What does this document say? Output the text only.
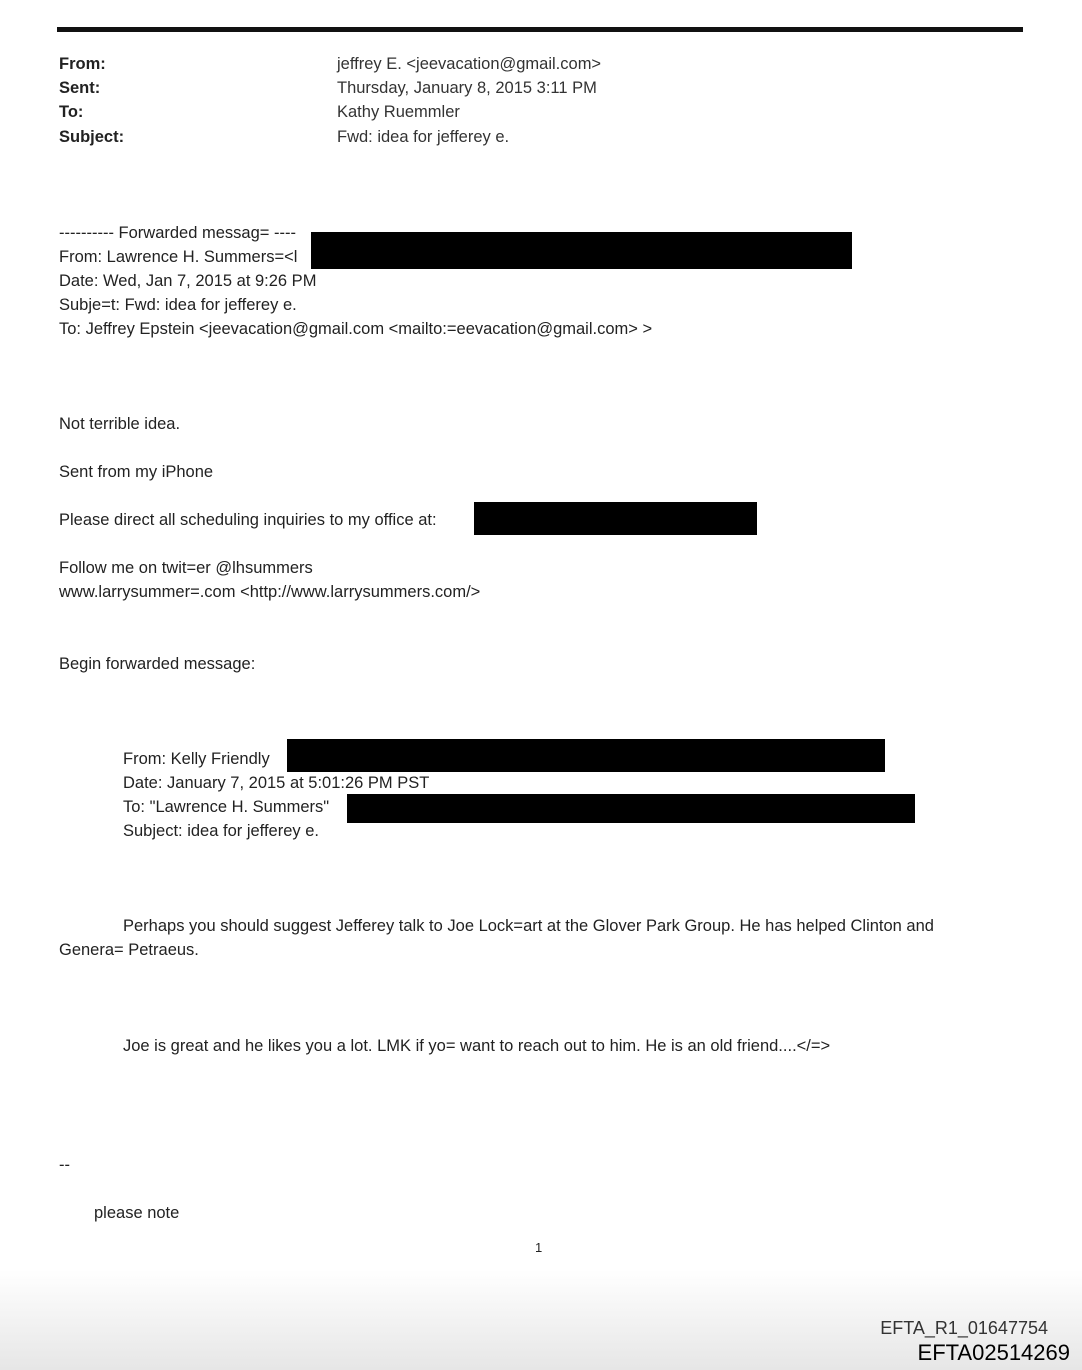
From:	jeffrey E. <jeevacation@gmail.com>
Sent:	Thursday, January 8, 2015 3:11 PM
To:	Kathy Ruemmler
Subject:	Fwd: idea for jefferey e.
---------- Forwarded messag= ----
From: Lawrence H. Summers=<l
Date: Wed, Jan 7, 2015 at 9:26 PM
Subje=t: Fwd: idea for jefferey e.
To: Jeffrey Epstein <jeevacation@gmail.com <mailto:=eevacation@gmail.com> >
Not terrible idea.
Sent from my iPhone
Please direct all scheduling inquiries to my office at:
Follow me on twit=er @lhsummers
www.larrysummer=.com <http://www.larrysummers.com/>
Begin forwarded message:
From: Kelly Friendly
Date: January 7, 2015 at 5:01:26 PM PST
To: "Lawrence H. Summers"
Subject: idea for jefferey e.
Perhaps you should suggest Jefferey talk to Joe Lock=art at the Glover Park Group. He has helped Clinton and
Genera= Petraeus.
Joe is great and he likes you a lot. LMK if yo= want to reach out to him. He is an old friend....</=>
--
please note
1
EFTA_R1_01647754
EFTA02514269
